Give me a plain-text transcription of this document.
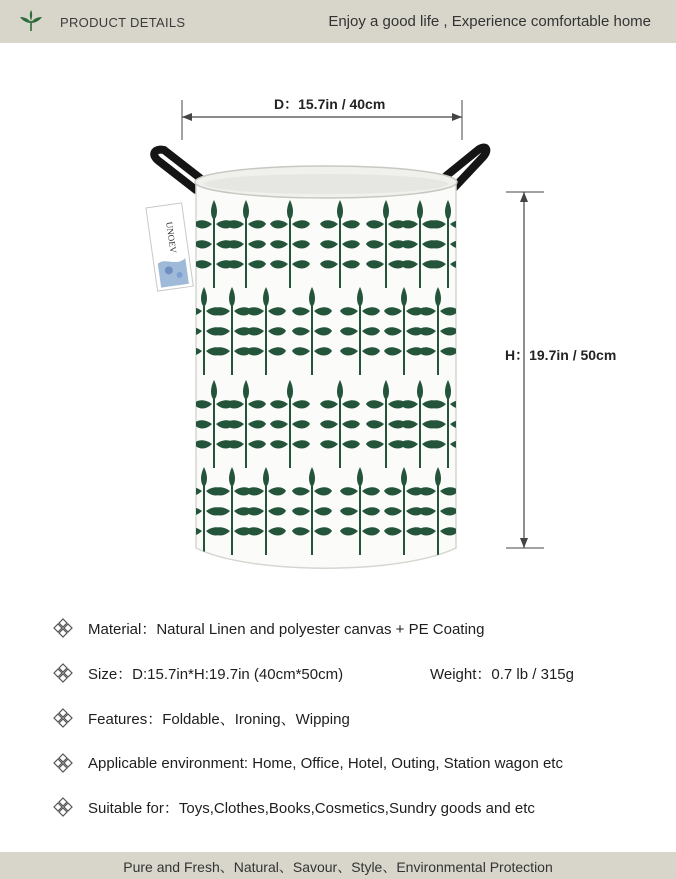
PRODUCT DETAILS	Enjoy a good life , Experience comfortable home
UNOEV
D：15.7in / 40cm
H：19.7in / 50cm
Material：Natural Linen and polyester canvas + PE Coating
Size：D:15.7in*H:19.7in (40cm*50cm)	Weight：0.7 lb / 315g
Features：Foldable、Ironing、Wipping
Applicable environment: Home, Office, Hotel, Outing, Station wagon etc
Suitable for：Toys,Clothes,Books,Cosmetics,Sundry goods and etc
Pure and Fresh、Natural、Savour、Style、Environmental Protection
